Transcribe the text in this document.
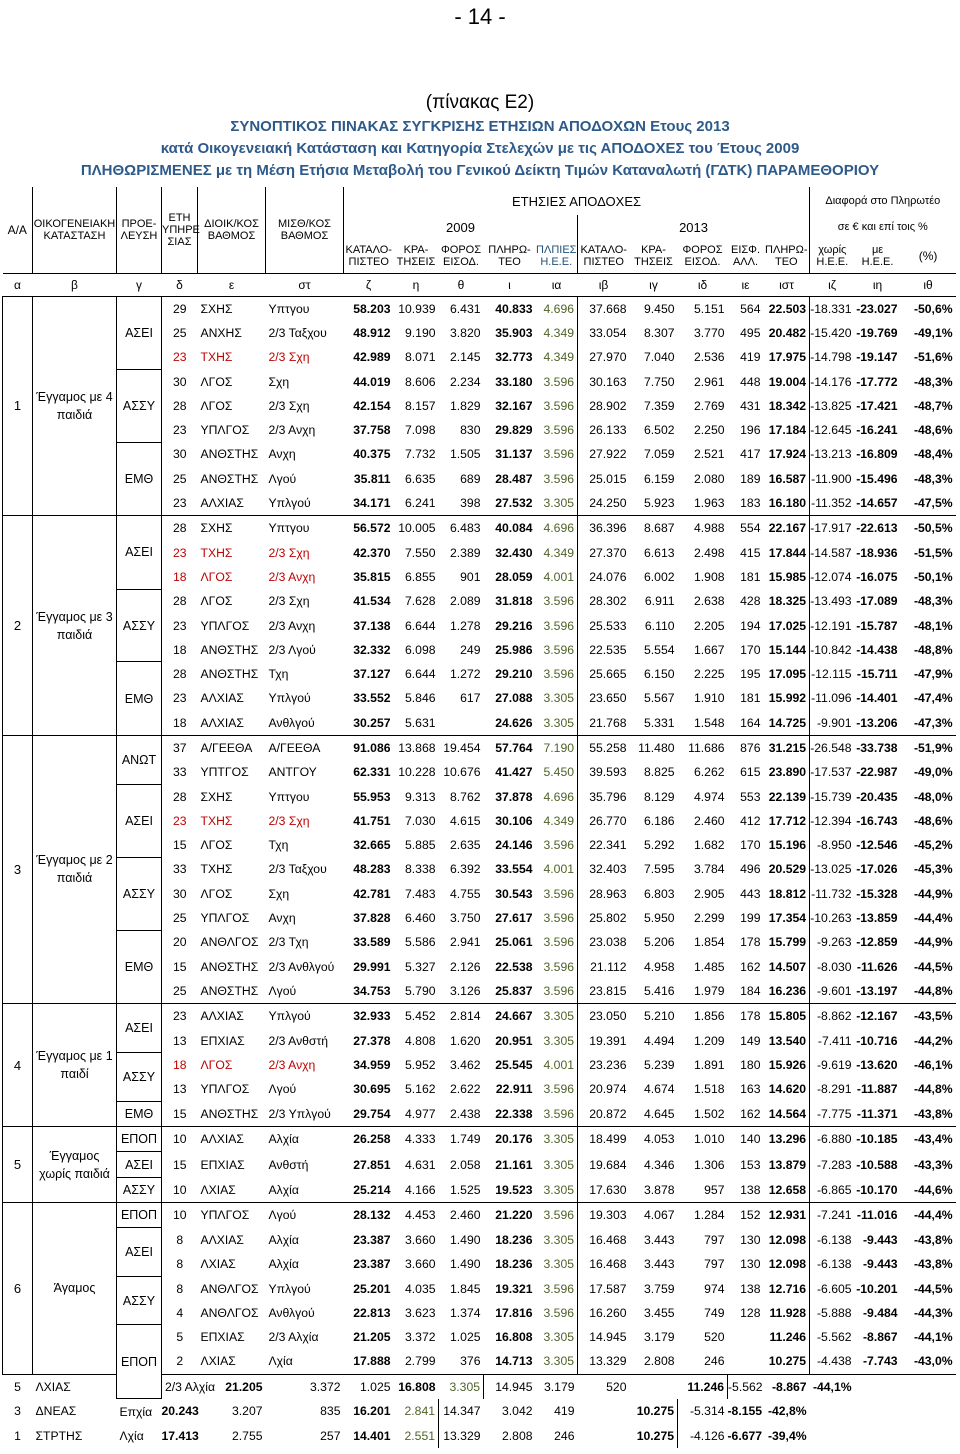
- 14 -
(πίνακας Ε2)
ΣΥΝΟΠΤΙΚΟΣ ΠΙΝΑΚΑΣ ΣΥΓΚΡΙΣΗΣ ΕΤΗΣΙΩΝ ΑΠΟΔΟΧΩΝ Ετους 2013
κατά Οικογενειακή Κατάσταση και Κατηγορία Στελεχών με τις ΑΠΟΔΟΧΕΣ του Έτους 2009
ΠΛΗΘΩΡΙΣΜΕΝΕΣ με τη Μέση Ετήσια Μεταβολή του Γενικού Δείκτη Τιμών Καταναλωτή (ΓΔΤΚ) ΠΑΡΑΜΕΘΟΡΙΟΥ
Α/Α	ΟΙΚΟΓΕΝΕΙΑΚΗ ΚΑΤΑΣΤΑΣΗ	ΠΡΟΕ-ΛΕΥΣΗ	ΕΤΗ ΥΠΗΡΕ ΣΙΑΣ	ΔΙΟΙΚ/ΚΟΣ ΒΑΘΜΟΣ	ΜΙΣΘ/ΚΟΣ ΒΑΘΜΟΣ	ΕΤΗΣΙΕΣ ΑΠΟΔΟΧΕΣ										Διαφορά στο Πληρωτέο		
						2009					2013					σε € και επί τοις %		
						ΚΑΤΑΛΟ-ΠΙΣΤΕΟ	ΚΡΑ-ΤΗΣΕΙΣ	ΦΟΡΟΣ ΕΙΣΟΔ.	ΠΛΗΡΩ-ΤΕΟ	ΠΛΠΙΕΣ Η.Ε.Ε.	ΚΑΤΑΛΟ-ΠΙΣΤΕΟ	ΚΡΑ-ΤΗΣΕΙΣ	ΦΟΡΟΣ ΕΙΣΟΔ.	ΕΙΣΦ. ΑΛΛ.	ΠΛΗΡΩ-ΤΕΟ	χωρίς Η.Ε.Ε.	με Η.Ε.Ε.	(%)
α	β	γ	δ	ε	στ	ζ	η	θ	ι	ια	ιβ	ιγ	ιδ	ιε	ιστ	ιζ	ιη	ιθ
1	Έγγαμος με 4 παιδιά	ΑΣΕΙ	29	ΣΧΗΣ	Υπτγου	58.203	10.939	6.431	40.833	4.696	37.668	9.450	5.151	564	22.503	-18.331	-23.027	-50,6%
			25	ΑΝΧΗΣ	2/3 Ταξχου	48.912	9.190	3.820	35.903	4.349	33.054	8.307	3.770	495	20.482	-15.420	-19.769	-49,1%
			23	ΤΧΗΣ	2/3 Σχη	42.989	8.071	2.145	32.773	4.349	27.970	7.040	2.536	419	17.975	-14.798	-19.147	-51,6%
		ΑΣΣΥ	30	ΛΓΟΣ	Σχη	44.019	8.606	2.234	33.180	3.596	30.163	7.750	2.961	448	19.004	-14.176	-17.772	-48,3%
			28	ΛΓΟΣ	2/3 Σχη	42.154	8.157	1.829	32.167	3.596	28.902	7.359	2.769	431	18.342	-13.825	-17.421	-48,7%
			23	ΥΠΛΓΟΣ	2/3 Ανχη	37.758	7.098	830	29.829	3.596	26.133	6.502	2.250	196	17.184	-12.645	-16.241	-48,6%
		ΕΜΘ	30	ΑΝΘΣΤΗΣ	Ανχη	40.375	7.732	1.505	31.137	3.596	27.922	7.059	2.521	417	17.924	-13.213	-16.809	-48,4%
			25	ΑΝΘΣΤΗΣ	Λγού	35.811	6.635	689	28.487	3.596	25.015	6.159	2.080	189	16.587	-11.900	-15.496	-48,3%
			23	ΑΛΧΙΑΣ	Υπλγού	34.171	6.241	398	27.532	3.305	24.250	5.923	1.963	183	16.180	-11.352	-14.657	-47,5%
2	Έγγαμος με 3 παιδιά	ΑΣΕΙ	28	ΣΧΗΣ	Υπτγου	56.572	10.005	6.483	40.084	4.696	36.396	8.687	4.988	554	22.167	-17.917	-22.613	-50,5%
			23	ΤΧΗΣ	2/3 Σχη	42.370	7.550	2.389	32.430	4.349	27.370	6.613	2.498	415	17.844	-14.587	-18.936	-51,5%
			18	ΛΓΟΣ	2/3 Ανχη	35.815	6.855	901	28.059	4.001	24.076	6.002	1.908	181	15.985	-12.074	-16.075	-50,1%
		ΑΣΣΥ	28	ΛΓΟΣ	2/3 Σχη	41.534	7.628	2.089	31.818	3.596	28.302	6.911	2.638	428	18.325	-13.493	-17.089	-48,3%
			23	ΥΠΛΓΟΣ	2/3 Ανχη	37.138	6.644	1.278	29.216	3.596	25.533	6.110	2.205	194	17.025	-12.191	-15.787	-48,1%
			18	ΑΝΘΣΤΗΣ	2/3 Λγού	32.332	6.098	249	25.986	3.596	22.535	5.554	1.667	170	15.144	-10.842	-14.438	-48,8%
		ΕΜΘ	28	ΑΝΘΣΤΗΣ	Τχη	37.127	6.644	1.272	29.210	3.596	25.665	6.150	2.225	195	17.095	-12.115	-15.711	-47,9%
			23	ΑΛΧΙΑΣ	Υπλγού	33.552	5.846	617	27.088	3.305	23.650	5.567	1.910	181	15.992	-11.096	-14.401	-47,4%
			18	ΑΛΧΙΑΣ	Ανθλγού	30.257	5.631		24.626	3.305	21.768	5.331	1.548	164	14.725	-9.901	-13.206	-47,3%
3	Έγγαμος με 2 παιδιά	ΑΝΩΤ	37	Α/ΓΕΕΘΑ	Α/ΓΕΕΘΑ	91.086	13.868	19.454	57.764	7.190	55.258	11.480	11.686	876	31.215	-26.548	-33.738	-51,9%
			33	ΥΠΤΓΟΣ	ΑΝΤΓΟΥ	62.331	10.228	10.676	41.427	5.450	39.593	8.825	6.262	615	23.890	-17.537	-22.987	-49,0%
		ΑΣΕΙ	28	ΣΧΗΣ	Υπτγου	55.953	9.313	8.762	37.878	4.696	35.796	8.129	4.974	553	22.139	-15.739	-20.435	-48,0%
			23	ΤΧΗΣ	2/3 Σχη	41.751	7.030	4.615	30.106	4.349	26.770	6.186	2.460	412	17.712	-12.394	-16.743	-48,6%
			15	ΛΓΟΣ	Τχη	32.665	5.885	2.635	24.146	3.596	22.341	5.292	1.682	170	15.196	-8.950	-12.546	-45,2%
		ΑΣΣΥ	33	ΤΧΗΣ	2/3 Ταξχου	48.283	8.338	6.392	33.554	4.001	32.403	7.595	3.784	496	20.529	-13.025	-17.026	-45,3%
			30	ΛΓΟΣ	Σχη	42.781	7.483	4.755	30.543	3.596	28.963	6.803	2.905	443	18.812	-11.732	-15.328	-44,9%
			25	ΥΠΛΓΟΣ	Ανχη	37.828	6.460	3.750	27.617	3.596	25.802	5.950	2.299	199	17.354	-10.263	-13.859	-44,4%
		ΕΜΘ	20	ΑΝΘΛΓΟΣ	2/3 Τχη	33.589	5.586	2.941	25.061	3.596	23.038	5.206	1.854	178	15.799	-9.263	-12.859	-44,9%
			15	ΑΝΘΣΤΗΣ	2/3 Ανθλγού	29.991	5.327	2.126	22.538	3.596	21.112	4.958	1.485	162	14.507	-8.030	-11.626	-44,5%
			25	ΑΝΘΣΤΗΣ	Λγού	34.753	5.790	3.126	25.837	3.596	23.815	5.416	1.979	184	16.236	-9.601	-13.197	-44,8%
4	Έγγαμος με 1 παιδί	ΑΣΕΙ	23	ΑΛΧΙΑΣ	Υπλγού	32.933	5.452	2.814	24.667	3.305	23.050	5.210	1.856	178	15.805	-8.862	-12.167	-43,5%
			13	ΕΠΧΙΑΣ	2/3 Ανθστή	27.378	4.808	1.620	20.951	3.305	19.391	4.494	1.209	149	13.540	-7.411	-10.716	-44,2%
		ΑΣΣΥ	18	ΛΓΟΣ	2/3 Ανχη	34.959	5.952	3.462	25.545	4.001	23.236	5.239	1.891	180	15.926	-9.619	-13.620	-46,1%
			13	ΥΠΛΓΟΣ	Λγού	30.695	5.162	2.622	22.911	3.596	20.974	4.674	1.518	163	14.620	-8.291	-11.887	-44,8%
		ΕΜΘ	15	ΑΝΘΣΤΗΣ	2/3 Υπλγού	29.754	4.977	2.438	22.338	3.596	20.872	4.645	1.502	162	14.564	-7.775	-11.371	-43,8%
5	Έγγαμος χωρίς παιδιά	ΕΠΟΠ	10	ΑΛΧΙΑΣ	Αλχία	26.258	4.333	1.749	20.176	3.305	18.499	4.053	1.010	140	13.296	-6.880	-10.185	-43,4%
		ΑΣΕΙ	15	ΕΠΧΙΑΣ	Ανθστή	27.851	4.631	2.058	21.161	3.305	19.684	4.346	1.306	153	13.879	-7.283	-10.588	-43,3%
		ΑΣΣΥ	10	ΛΧΙΑΣ	Αλχία	25.214	4.166	1.525	19.523	3.305	17.630	3.878	957	138	12.658	-6.865	-10.170	-44,6%
6	Άγαμος	ΕΠΟΠ	10	ΥΠΛΓΟΣ	Λγού	28.132	4.453	2.460	21.220	3.596	19.303	4.067	1.284	152	12.931	-7.241	-11.016	-44,4%
		ΑΣΕΙ	8	ΑΛΧΙΑΣ	Αλχία	23.387	3.660	1.490	18.236	3.305	16.468	3.443	797	130	12.098	-6.138	-9.443	-43,8%
			8	ΛΧΙΑΣ	Αλχία	23.387	3.660	1.490	18.236	3.305	16.468	3.443	797	130	12.098	-6.138	-9.443	-43,8%
		ΑΣΣΥ	8	ΑΝΘΛΓΟΣ	Υπλγού	25.201	4.035	1.845	19.321	3.596	17.587	3.759	974	138	12.716	-6.605	-10.201	-44,5%
			4	ΑΝΘΛΓΟΣ	Ανθλγού	22.813	3.623	1.374	17.816	3.596	16.260	3.455	749	128	11.928	-5.888	-9.484	-44,3%
		ΕΠΟΠ	5	ΕΠΧΙΑΣ	2/3 Αλχία	21.205	3.372	1.025	16.808	3.305	14.945	3.179	520		11.246	-5.562	-8.867	-44,1%
			2	ΛΧΙΑΣ	Λχία	17.888	2.799	376	14.713	3.305	13.329	2.808	246		10.275	-4.438	-7.743	-43,0%
5	ΛΧΙΑΣ		2/3 Αλχία	21.205	3.372	1.025	16.808	3.305	14.945	3.179	520		11.246	-5.562	-8.867	-44,1%		
3	ΔΝΕΑΣ	Επχία	20.243	3.207	835	16.201	2.841	14.347	3.042	419		10.275	-5.314	-8.155	-42,8%			
1	ΣΤΡΤΗΣ	Λχία	17.413	2.755	257	14.401	2.551	13.329	2.808	246		10.275	-4.126	-6.677	-39,4%			
